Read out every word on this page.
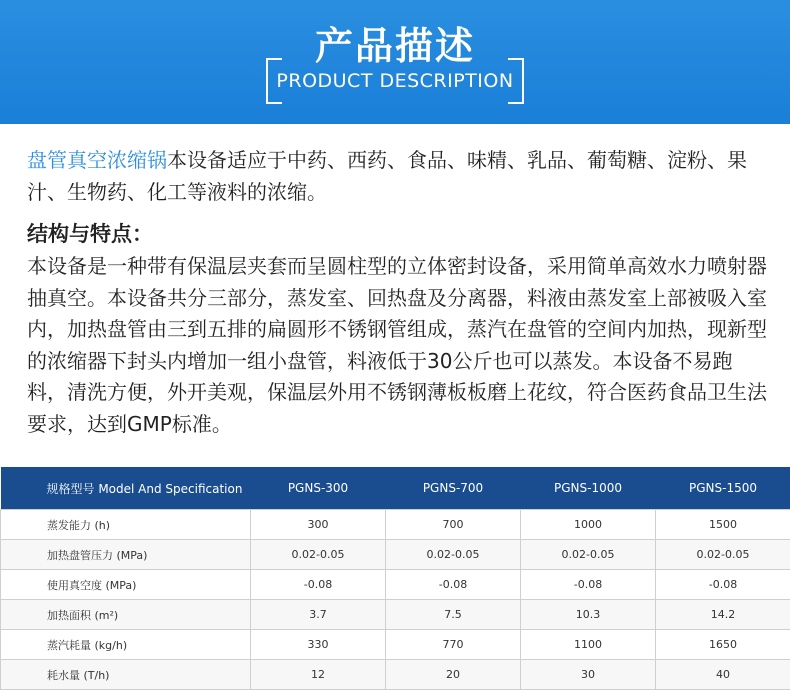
产品描述
PRODUCT DESCRIPTION
盘管真空浓缩锅本设备适应于中药、西药、食品、味精、乳品、葡萄糖、淀粉、果汁、生物药、化工等液料的浓缩。
结构与特点：
本设备是一种带有保温层夹套而呈圆柱型的立体密封设备，采用简单高效水力喷射器抽真空。本设备共分三部分，蒸发室、回热盘及分离器，料液由蒸发室上部被吸入室内，加热盘管由三到五排的扁圆形不锈钢管组成，蒸汽在盘管的空间内加热，现新型的浓缩器下封头内增加一组小盘管，料液低于30公斤也可以蒸发。本设备不易跑料，清洗方便，外开美观，保温层外用不锈钢薄板板磨上花纹，符合医药食品卫生法要求，达到GMP标准。
规格型号 Model And Specification	PGNS-300	PGNS-700	PGNS-1000	PGNS-1500
蒸发能力 (h)	300	700	1000	1500
加热盘管压力 (MPa)	0.02-0.05	0.02-0.05	0.02-0.05	0.02-0.05
使用真空度 (MPa)	-0.08	-0.08	-0.08	-0.08
加热面积 (m²)	3.7	7.5	10.3	14.2
蒸汽耗量 (kg/h)	330	770	1100	1650
耗水量 (T/h)	12	20	30	40
